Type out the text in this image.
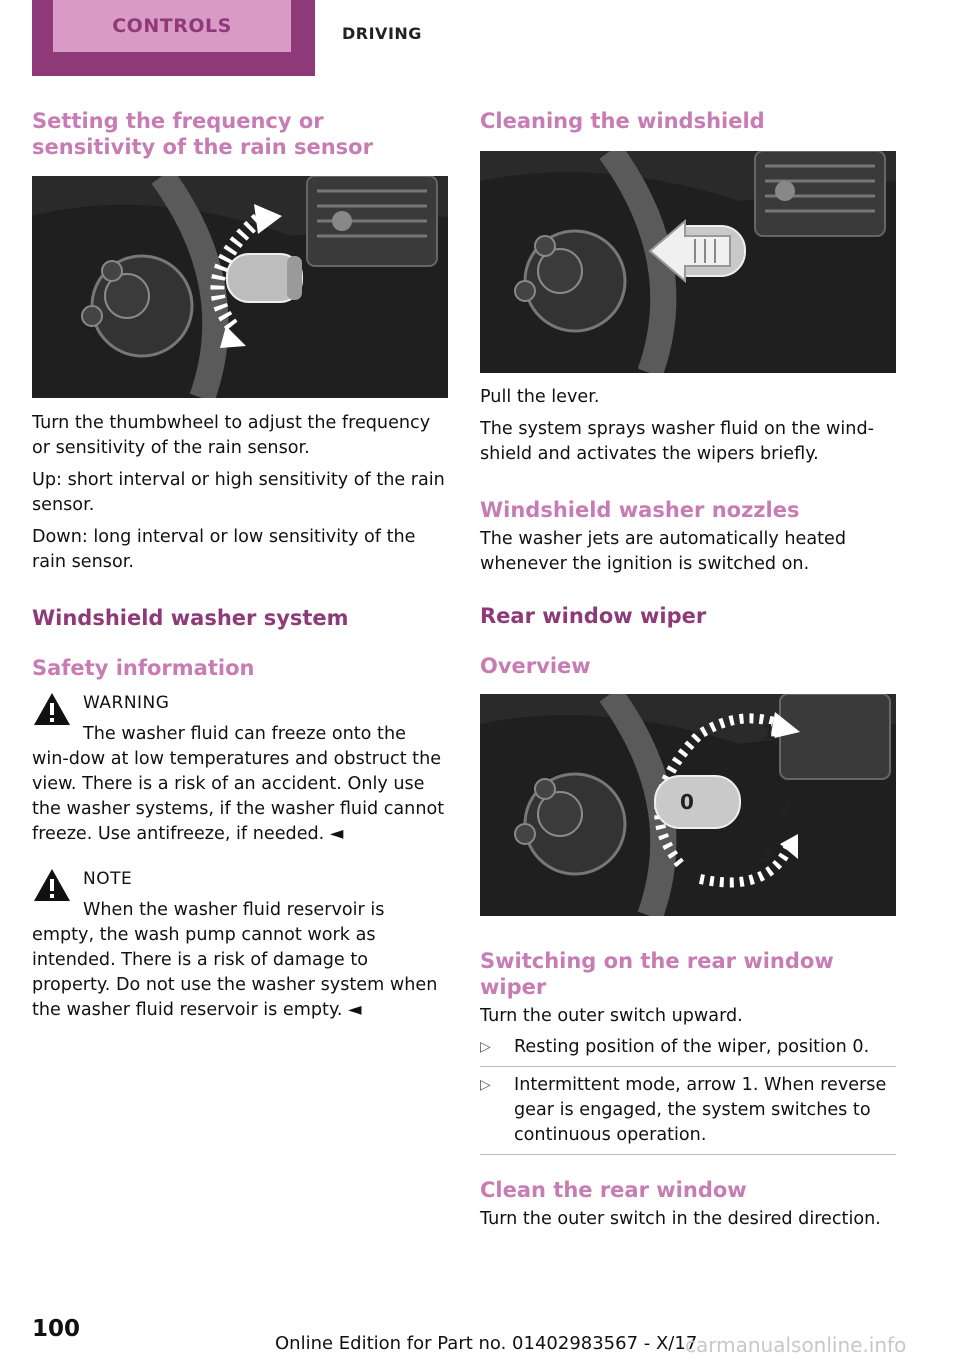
CONTROLS	DRIVING
Setting the frequency or sensitivity of the rain sensor

Turn the thumbwheel to adjust the frequency or sensitivity of the rain sensor.

Up: short interval or high sensitivity of the rain sensor.

Down: long interval or low sensitivity of the rain sensor.

Windshield washer system
Safety information
WARNING

The washer fluid can freeze onto the win‐dow at low temperatures and obstruct the view. There is a risk of an accident. Only use the washer systems, if the washer fluid cannot freeze. Use antifreeze, if needed. ◄

NOTE

When the washer fluid reservoir is empty, the wash pump cannot work as intended. There is a risk of damage to property. Do not use the washer system when the washer fluid reservoir is empty. ◄

Cleaning the windshield

Pull the lever.

The system sprays washer fluid on the wind‐shield and activates the wipers briefly.

Windshield washer nozzles

The washer jets are automatically heated whenever the ignition is switched on.

Rear window wiper
Overview
0
1
2
3
Switching on the rear window wiper

Turn the outer switch upward.

▷	Resting position of the wiper, position 0.
▷	Intermittent mode, arrow 1. When reverse gear is engaged, the system switches to continuous operation.
Clean the rear window

Turn the outer switch in the desired direction.

100
Online Edition for Part no. 01402983567 - X/17
carmanualsonline.info
